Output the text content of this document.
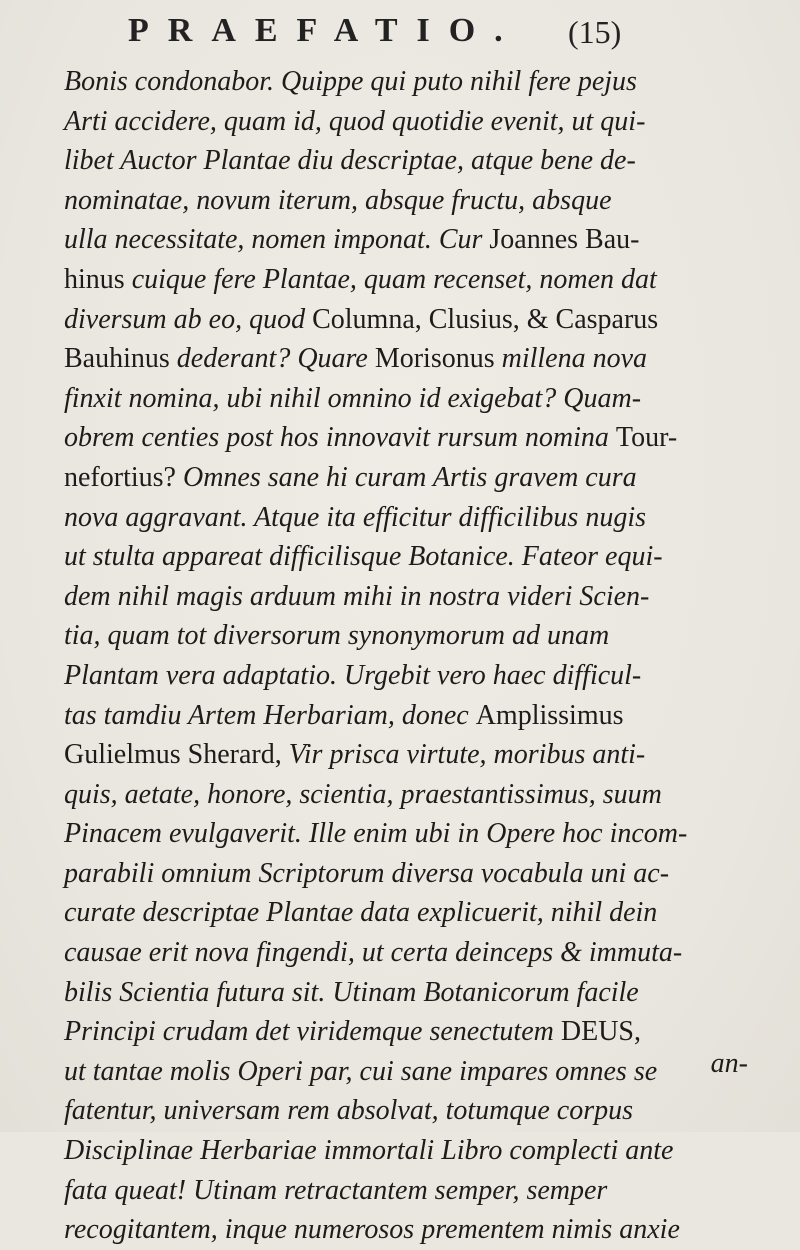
PRAEFATIO. (15)
Bonis condonabor. Quippe qui puto nihil fere pejus
Arti accidere, quam id, quod quotidie evenit, ut qui-
libet Auctor Plantae diu descriptae, atque bene de-
nominatae, novum iterum, absque fructu, absque
ulla necessitate, nomen imponat. Cur Joannes Bau-
hinus cuique fere Plantae, quam recenset, nomen dat
diversum ab eo, quod Columna, Clusius, & Casparus
Bauhinus dederant? Quare Morisonus millena nova
finxit nomina, ubi nihil omnino id exigebat? Quam-
obrem centies post hos innovavit rursum nomina Tour-
nefortius? Omnes sane hi curam Artis gravem cura
nova aggravant. Atque ita efficitur difficilibus nugis
ut stulta appareat difficilisque Botanice. Fateor equi-
dem nihil magis arduum mihi in nostra videri Scien-
tia, quam tot diversorum synonymorum ad unam
Plantam vera adaptatio. Urgebit vero haec difficul-
tas tamdiu Artem Herbariam, donec Amplissimus
Gulielmus Sherard, Vir prisca virtute, moribus anti-
quis, aetate, honore, scientia, praestantissimus, suum
Pinacem evulgaverit. Ille enim ubi in Opere hoc incom-
parabili omnium Scriptorum diversa vocabula uni ac-
curate descriptae Plantae data explicuerit, nihil dein
causae erit nova fingendi, ut certa deinceps & immuta-
bilis Scientia futura sit. Utinam Botanicorum facile
Principi crudam det viridemque senectutem DEUS,
ut tantae molis Operi par, cui sane impares omnes se
fatentur, universam rem absolvat, totumque corpus
Disciplinae Herbariae immortali Libro complecti ante
fata queat! Utinam retractantem semper, semper
recogitantem, inque numerosos prementem nimis anxie
an-
